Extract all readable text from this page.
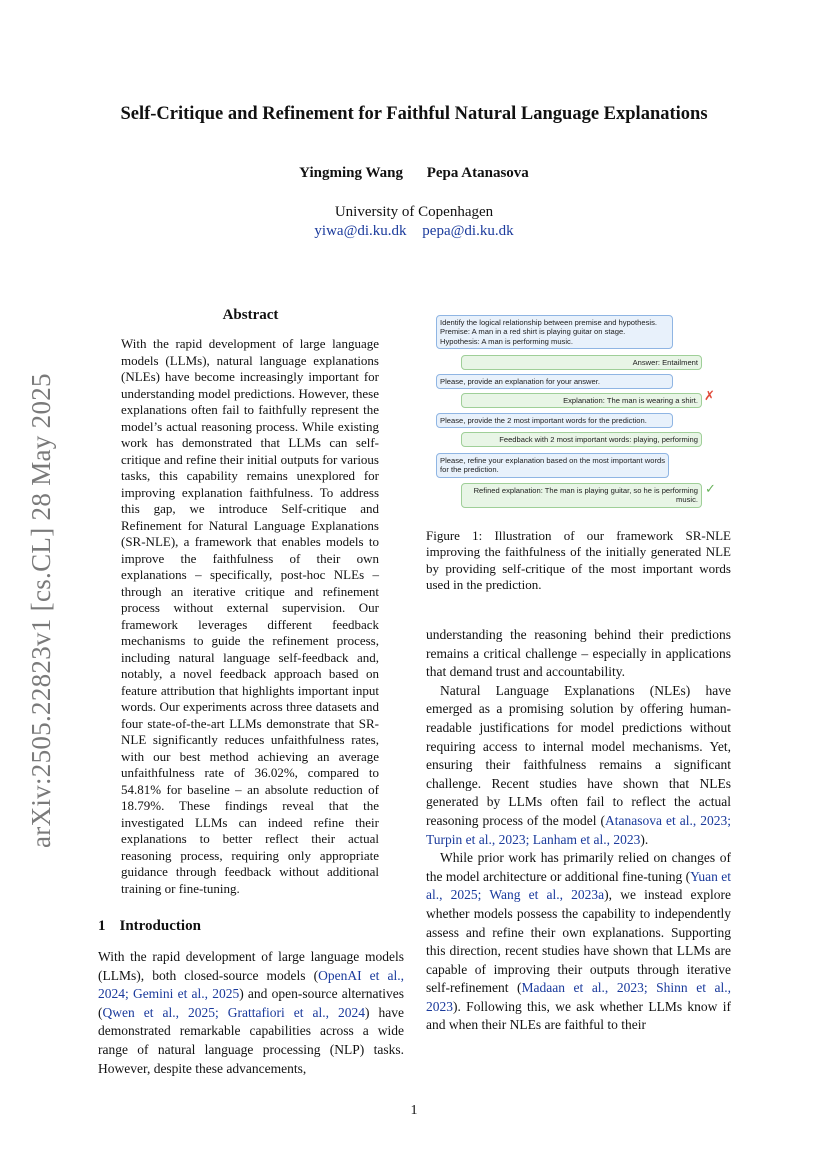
Self-Critique and Refinement for Faithful Natural Language Explanations
Yingming Wang Pepa Atanasova
University of Copenhagen
yiwa@di.ku.dk pepa@di.ku.dk
arXiv:2505.22823v1 [cs.CL] 28 May 2025
Abstract
With the rapid development of large language models (LLMs), natural language explanations (NLEs) have become increasingly important for understanding model predictions. However, these explanations often fail to faithfully represent the model’s actual reasoning process. While existing work has demonstrated that LLMs can self-critique and refine their initial outputs for various tasks, this capability remains unexplored for improving explanation faithfulness. To address this gap, we introduce Self-critique and Refinement for Natural Language Explanations (SR-NLE), a framework that enables models to improve the faithfulness of their own explanations – specifically, post-hoc NLEs – through an iterative critique and refinement process without external supervision. Our framework leverages different feedback mechanisms to guide the refinement process, including natural language self-feedback and, notably, a novel feedback approach based on feature attribution that highlights important input words. Our experiments across three datasets and four state-of-the-art LLMs demonstrate that SR-NLE significantly reduces unfaithfulness rates, with our best method achieving an average unfaithfulness rate of 36.02%, compared to 54.81% for baseline – an absolute reduction of 18.79%. These findings reveal that the investigated LLMs can indeed refine their explanations to better reflect their actual reasoning process, requiring only appropriate guidance through feedback without additional training or fine-tuning.
1 Introduction
With the rapid development of large language models (LLMs), both closed-source models (OpenAI et al., 2024; Gemini et al., 2025) and open-source alternatives (Qwen et al., 2025; Grattafiori et al., 2024) have demonstrated remarkable capabilities across a wide range of natural language processing (NLP) tasks. However, despite these advancements,
Identify the logical relationship between premise and hypothesis.
Premise: A man in a red shirt is playing guitar on stage.
Hypothesis: A man is performing music.
Answer: Entailment
Please, provide an explanation for your answer.
Explanation: The man is wearing a shirt. ✗
Please, provide the 2 most important words for the prediction.
Feedback with 2 most important words: playing, performing
Please, refine your explanation based on the most important words for the prediction.
Refined explanation: The man is playing guitar, so he is performing music.
✓
Figure 1: Illustration of our framework SR-NLE improving the faithfulness of the initially generated NLE by providing self-critique of the most important words used in the prediction.

understanding the reasoning behind their predictions remains a critical challenge – especially in applications that demand trust and accountability.

Natural Language Explanations (NLEs) have emerged as a promising solution by offering human-readable justifications for model predictions without requiring access to internal model mechanisms. Yet, ensuring their faithfulness remains a significant challenge. Recent studies have shown that NLEs generated by LLMs often fail to reflect the actual reasoning process of the model (Atanasova et al., 2023; Turpin et al., 2023; Lanham et al., 2023).

While prior work has primarily relied on changes of the model architecture or additional fine-tuning (Yuan et al., 2025; Wang et al., 2023a), we instead explore whether models possess the capability to independently assess and refine their own explanations. Supporting this direction, recent studies have shown that LLMs are capable of improving their outputs through iterative self-refinement (Madaan et al., 2023; Shinn et al., 2023). Following this, we ask whether LLMs know if and when their NLEs are faithful to their

1
